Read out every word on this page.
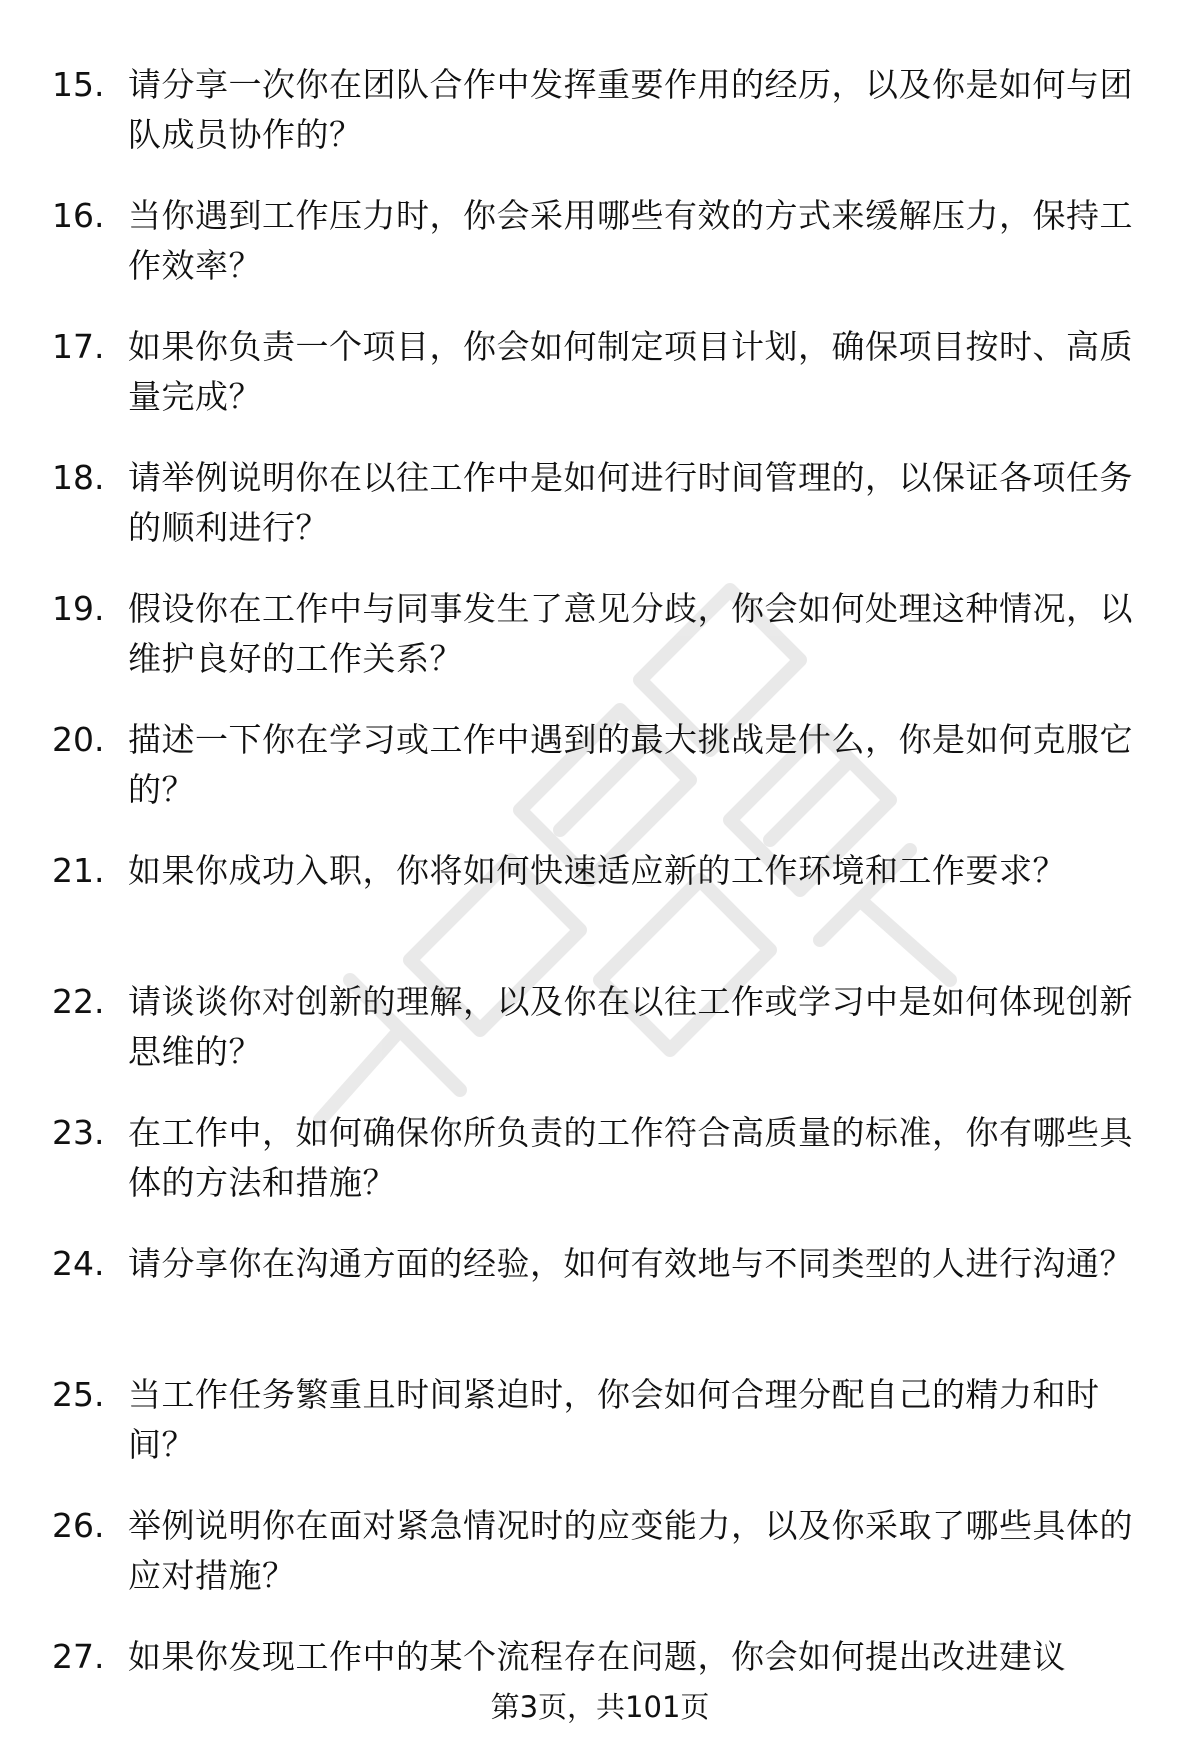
15. 请分享一次你在团队合作中发挥重要作用的经历，以及你是如何与团队成员协作的？
16. 当你遇到工作压力时，你会采用哪些有效的方式来缓解压力，保持工作效率？
17. 如果你负责一个项目，你会如何制定项目计划，确保项目按时、高质量完成？
18. 请举例说明你在以往工作中是如何进行时间管理的，以保证各项任务的顺利进行？
19. 假设你在工作中与同事发生了意见分歧，你会如何处理这种情况，以维护良好的工作关系？
20. 描述一下你在学习或工作中遇到的最大挑战是什么，你是如何克服它的？
21. 如果你成功入职，你将如何快速适应新的工作环境和工作要求？
22. 请谈谈你对创新的理解，以及你在以往工作或学习中是如何体现创新思维的？
23. 在工作中，如何确保你所负责的工作符合高质量的标准，你有哪些具体的方法和措施？
24. 请分享你在沟通方面的经验，如何有效地与不同类型的人进行沟通？
25. 当工作任务繁重且时间紧迫时，你会如何合理分配自己的精力和时间？
26. 举例说明你在面对紧急情况时的应变能力，以及你采取了哪些具体的应对措施？
27. 如果你发现工作中的某个流程存在问题，你会如何提出改进建议
第3页，共101页
